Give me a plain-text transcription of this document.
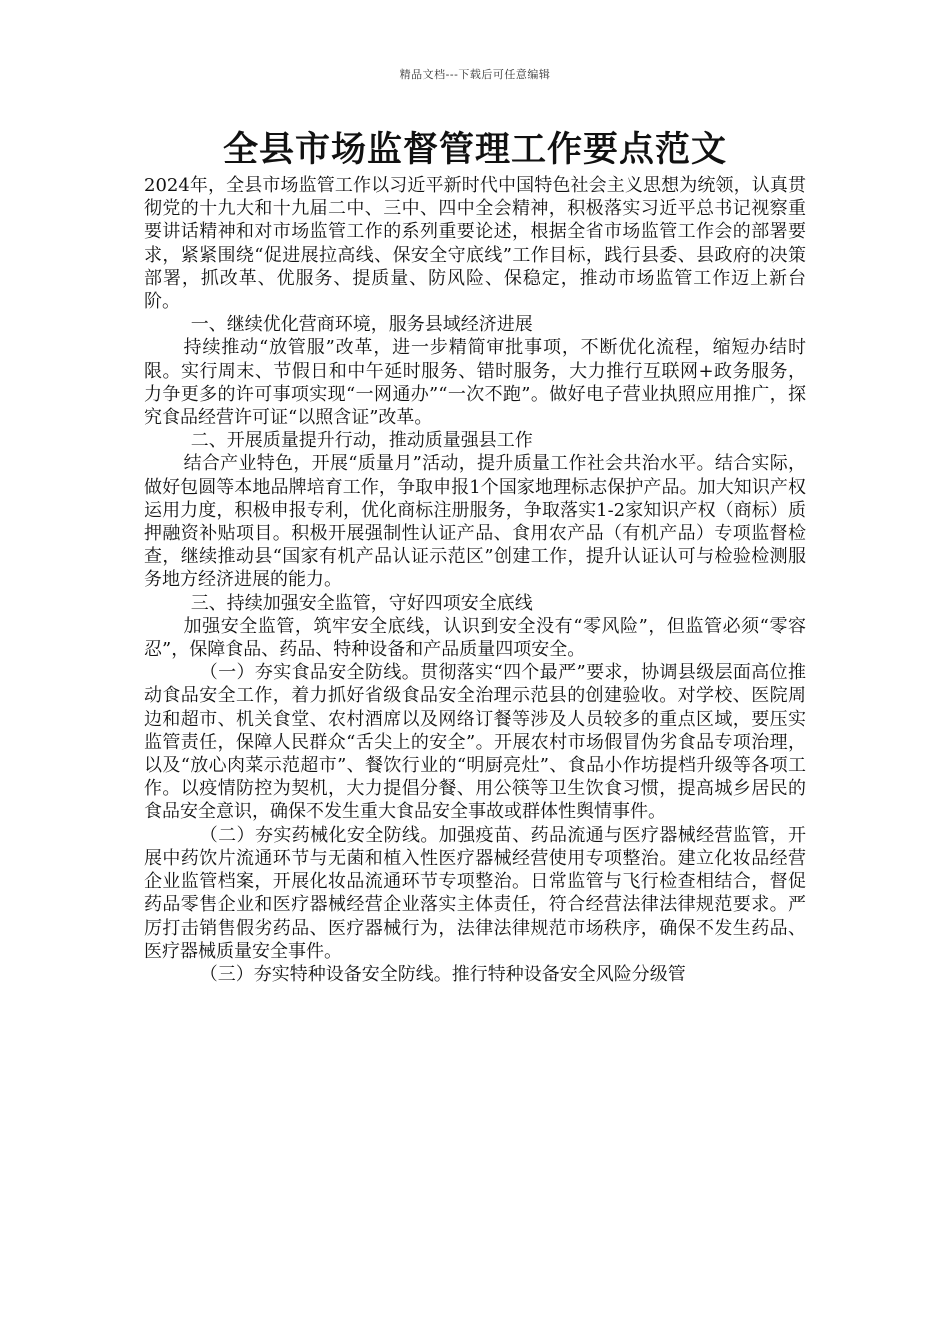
精品文档---下载后可任意编辑
全县市场监督管理工作要点范文

2024年，全县市场监管工作以习近平新时代中国特色社会主义思想为统领，认真贯彻党的十九大和十九届二中、三中、四中全会精神，积极落实习近平总书记视察重要讲话精神和对市场监管工作的系列重要论述，根据全省市场监管工作会的部署要求，紧紧围绕“促进展拉高线、保安全守底线”工作目标，践行县委、县政府的决策部署，抓改革、优服务、提质量、防风险、保稳定，推动市场监管工作迈上新台阶。

一、继续优化营商环境，服务县域经济进展

持续推动“放管服”改革，进一步精简审批事项，不断优化流程，缩短办结时限。实行周末、节假日和中午延时服务、错时服务，大力推行互联网+政务服务，力争更多的许可事项实现“一网通办”“一次不跑”。做好电子营业执照应用推广，探究食品经营许可证“以照含证”改革。

二、开展质量提升行动，推动质量强县工作

结合产业特色，开展“质量月”活动，提升质量工作社会共治水平。结合实际，做好包圆等本地品牌培育工作，争取申报1个国家地理标志保护产品。加大知识产权运用力度，积极申报专利，优化商标注册服务，争取落实1-2家知识产权（商标）质押融资补贴项目。积极开展强制性认证产品、食用农产品（有机产品）专项监督检查，继续推动县“国家有机产品认证示范区”创建工作，提升认证认可与检验检测服务地方经济进展的能力。

三、持续加强安全监管，守好四项安全底线

加强安全监管，筑牢安全底线，认识到安全没有“零风险”，但监管必须“零容忍”，保障食品、药品、特种设备和产品质量四项安全。

（一）夯实食品安全防线。贯彻落实“四个最严”要求，协调县级层面高位推动食品安全工作，着力抓好省级食品安全治理示范县的创建验收。对学校、医院周边和超市、机关食堂、农村酒席以及网络订餐等涉及人员较多的重点区域，要压实监管责任，保障人民群众“舌尖上的安全”。开展农村市场假冒伪劣食品专项治理，以及“放心肉菜示范超市”、餐饮行业的“明厨亮灶”、食品小作坊提档升级等各项工作。以疫情防控为契机，大力提倡分餐、用公筷等卫生饮食习惯，提高城乡居民的食品安全意识，确保不发生重大食品安全事故或群体性舆情事件。

（二）夯实药械化安全防线。加强疫苗、药品流通与医疗器械经营监管，开展中药饮片流通环节与无菌和植入性医疗器械经营使用专项整治。建立化妆品经营企业监管档案，开展化妆品流通环节专项整治。日常监管与飞行检查相结合，督促药品零售企业和医疗器械经营企业落实主体责任，符合经营法律法律规范要求。严厉打击销售假劣药品、医疗器械行为，法律法律规范市场秩序，确保不发生药品、医疗器械质量安全事件。

（三）夯实特种设备安全防线。推行特种设备安全风险分级管
